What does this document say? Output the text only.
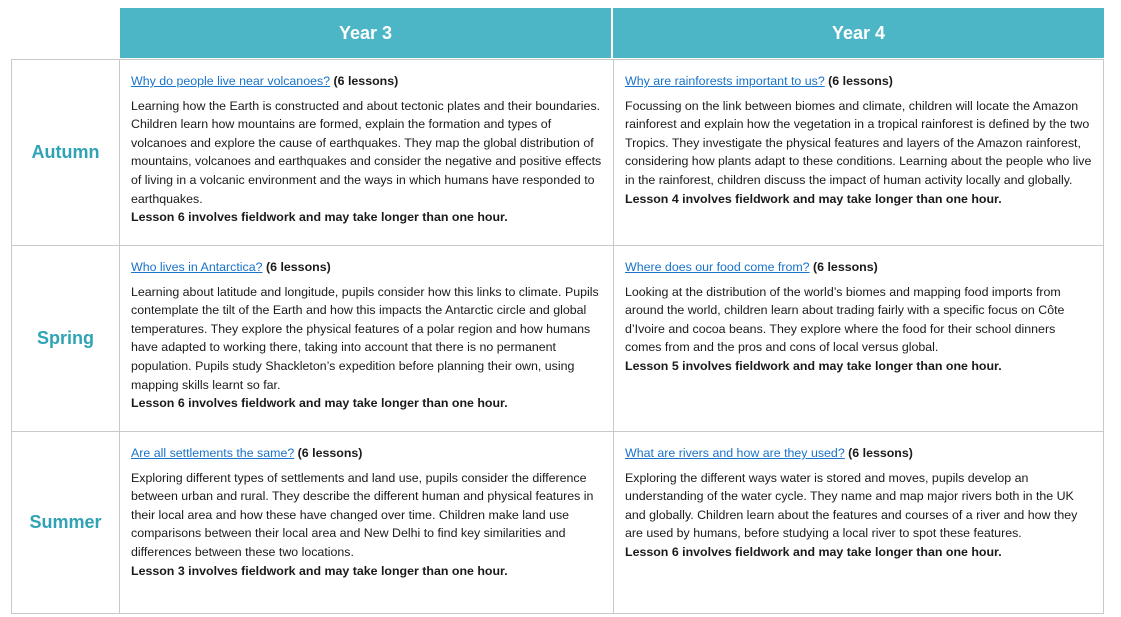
Year 3	Year 4
Autumn

Why do people live near volcanoes? (6 lessons)

Learning how the Earth is constructed and about tectonic plates and their boundaries. Children learn how mountains are formed, explain the formation and types of volcanoes and explore the cause of earthquakes. They map the global distribution of mountains, volcanoes and earthquakes and consider the negative and positive effects of living in a volcanic environment and the ways in which humans have responded to earthquakes.

Lesson 6 involves fieldwork and may take longer than one hour.

Why are rainforests important to us? (6 lessons)

Focussing on the link between biomes and climate, children will locate the Amazon rainforest and explain how the vegetation in a tropical rainforest is defined by the two Tropics. They investigate the physical features and layers of the Amazon rainforest, considering how plants adapt to these conditions. Learning about the people who live in the rainforest, children discuss the impact of human activity locally and globally.

Lesson 4 involves fieldwork and may take longer than one hour.

Spring

Who lives in Antarctica? (6 lessons)

Learning about latitude and longitude, pupils consider how this links to climate. Pupils contemplate the tilt of the Earth and how this impacts the Antarctic circle and global temperatures. They explore the physical features of a polar region and how humans have adapted to working there, taking into account that there is no permanent population. Pupils study Shackleton’s expedition before planning their own, using mapping skills learnt so far.

Lesson 6 involves fieldwork and may take longer than one hour.

Where does our food come from? (6 lessons)

Looking at the distribution of the world’s biomes and mapping food imports from around the world, children learn about trading fairly with a specific focus on Côte d’Ivoire and cocoa beans. They explore where the food for their school dinners comes from and the pros and cons of local versus global.

Lesson 5 involves fieldwork and may take longer than one hour.

Summer

Are all settlements the same? (6 lessons)

Exploring different types of settlements and land use, pupils consider the difference between urban and rural. They describe the different human and physical features in their local area and how these have changed over time. Children make land use comparisons between their local area and New Delhi to find key similarities and differences between these two locations.

Lesson 3 involves fieldwork and may take longer than one hour.

What are rivers and how are they used? (6 lessons)

Exploring the different ways water is stored and moves, pupils develop an understanding of the water cycle. They name and map major rivers both in the UK and globally. Children learn about the features and courses of a river and how they are used by humans, before studying a local river to spot these features.

Lesson 6 involves fieldwork and may take longer than one hour.
